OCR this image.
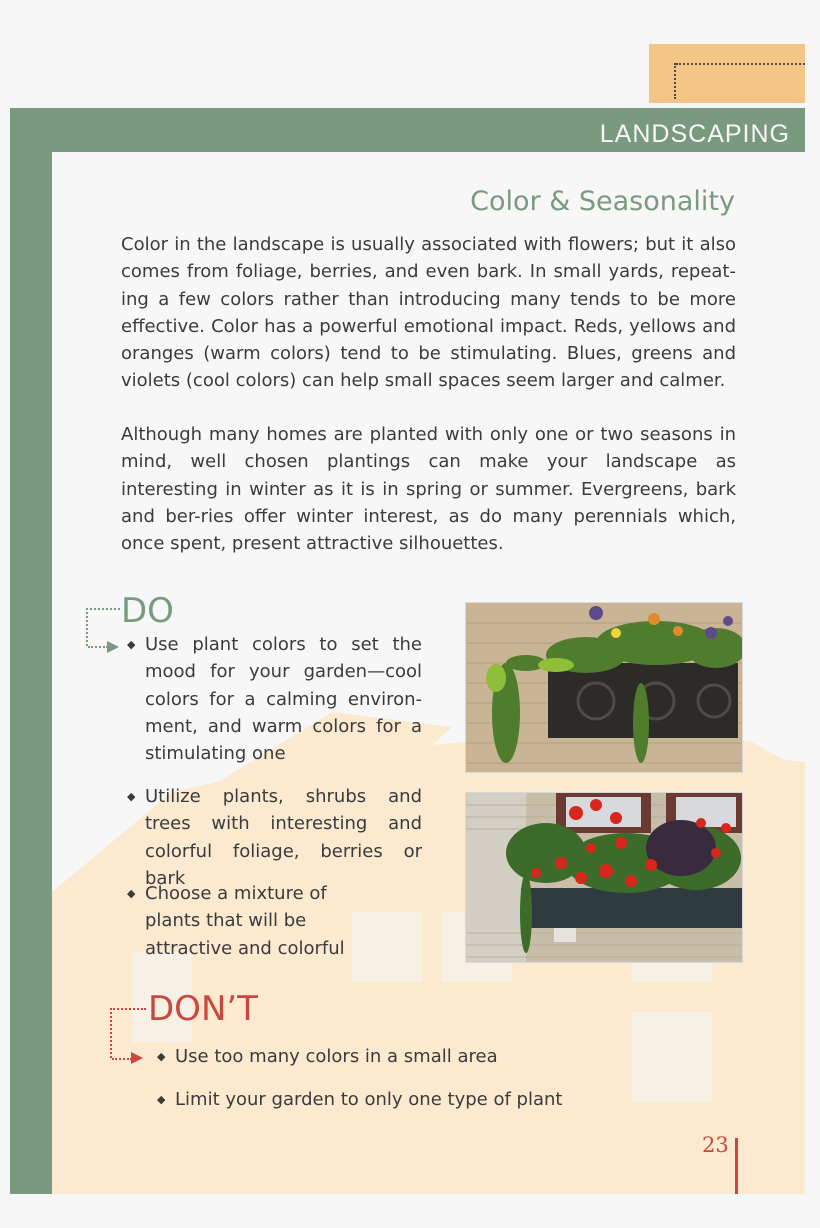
LANDSCAPING
Color & Seasonality

Color in the landscape is usually associated with flowers; but it also comes from foliage, berries, and even bark. In small yards, repeat-ing a few colors rather than introducing many tends to be more effective. Color has a powerful emotional impact. Reds, yellows and oranges (warm colors) tend to be stimulating. Blues, greens and violets (cool colors) can help small spaces seem larger and calmer.

Although many homes are planted with only one or two seasons in mind, well chosen plantings can make your landscape as interesting in winter as it is in spring or summer. Evergreens, bark and ber-ries offer winter interest, as do many perennials which, once spent, present attractive silhouettes.

DO
◆ Use plant colors to set the mood for your garden—cool colors for a calming environ-ment, and warm colors for a stimulating one
◆ Utilize plants, shrubs and trees with interesting and colorful foliage, berries or bark
◆ Choose a mixture of plants that will be attractive and colorful
DON’T
◆ Use too many colors in a small area
◆ Limit your garden to only one type of plant
23
